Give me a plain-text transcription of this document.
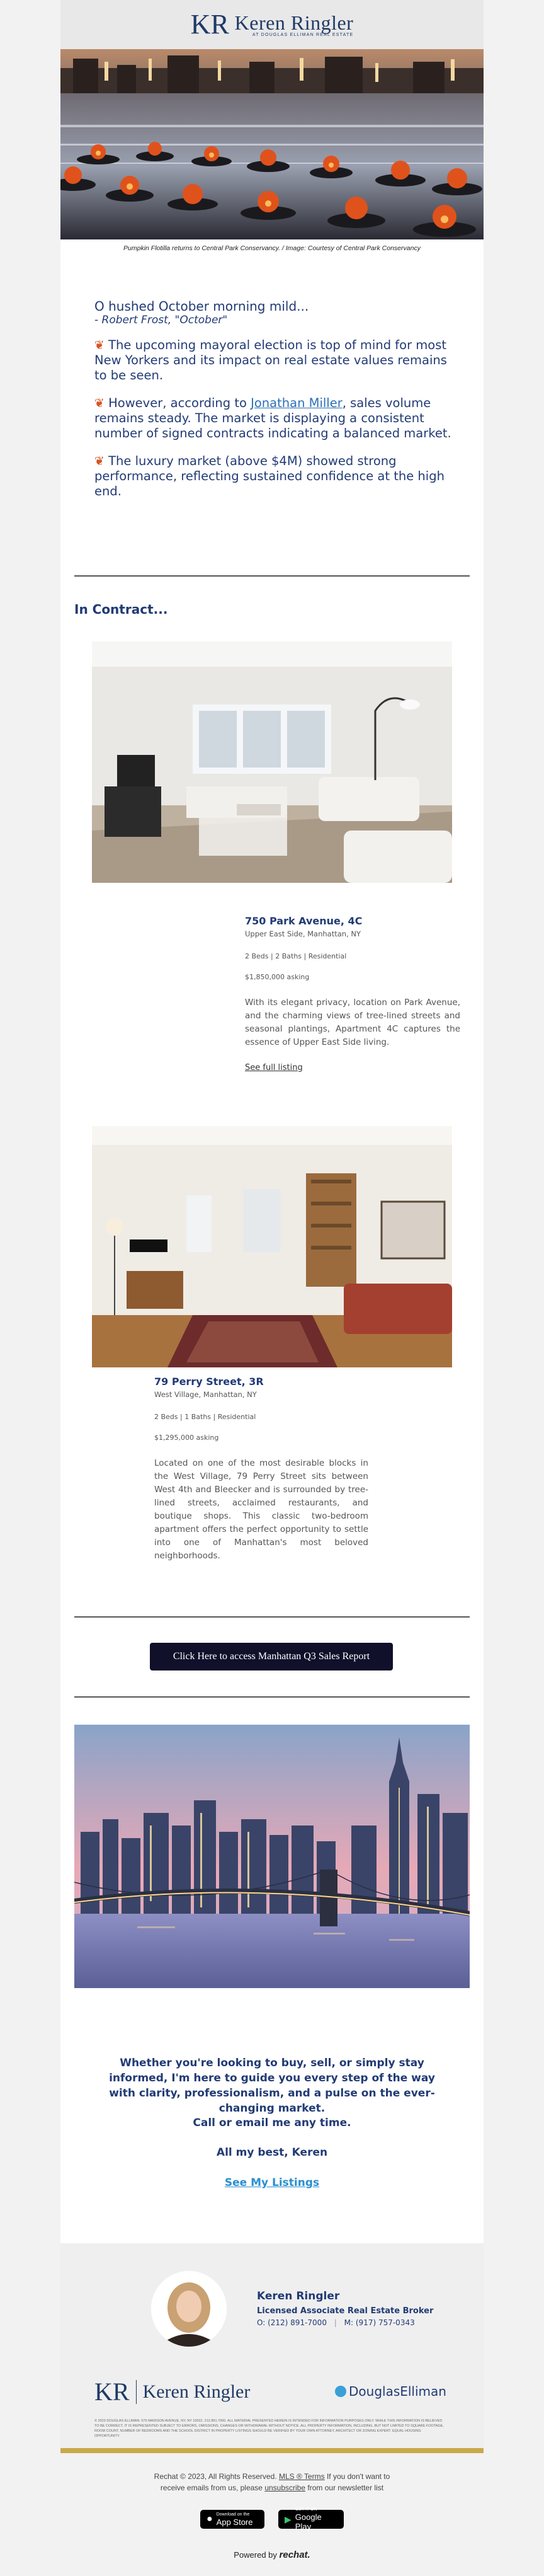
KR Keren Ringler
AT DOUGLAS ELLIMAN REAL ESTATE
Pumpkin Flotilla returns to Central Park Conservancy. / Image: Courtesy of Central Park Conservancy
O hushed October morning mild...
- Robert Frost, "October"
❦ The upcoming mayoral election is top of mind for most New Yorkers and its impact on real estate values remains to be seen.
❦ However, according to Jonathan Miller, sales volume remains steady. The market is displaying a consistent number of signed contracts indicating a balanced market.
❦ The luxury market (above $4M) showed strong performance, reflecting sustained confidence at the high end.
In Contract...
750 Park Avenue, 4C
Upper East Side, Manhattan, NY
2 Beds | 2 Baths | Residential
$1,850,000 asking
With its elegant privacy, location on Park Avenue, and the charming views of tree-lined streets and seasonal plantings, Apartment 4C captures the essence of Upper East Side living.
See full listing
79 Perry Street, 3R
West Village, Manhattan, NY
2 Beds | 1 Baths | Residential
$1,295,000 asking
Located on one of the most desirable blocks in the West Village, 79 Perry Street sits between West 4th and Bleecker and is surrounded by tree-lined streets, acclaimed restaurants, and boutique shops. This classic two-bedroom apartment offers the perfect opportunity to settle into one of Manhattan's most beloved neighborhoods.
Click Here to access Manhattan Q3 Sales Report
Whether you're looking to buy, sell, or simply stay informed, I'm here to guide you every step of the way with clarity, professionalism, and a pulse on the ever-changing market.
Call or email me any time.
All my best, Keren
See My Listings
Keren Ringler
Licensed Associate Real Estate Broker
O: (212) 891-7000 | M: (917) 757-0343
KR Keren Ringler	DouglasElliman
© 2023 DOUGLAS ELLIMAN. 575 MADISON AVENUE, NY, NY 10022. 212.891.7000. ALL MATERIAL PRESENTED HEREIN IS INTENDED FOR INFORMATION PURPOSES ONLY. WHILE THIS INFORMATION IS BELIEVED TO BE CORRECT, IT IS REPRESENTED SUBJECT TO ERRORS, OMISSIONS, CHANGES OR WITHDRAWAL WITHOUT NOTICE. ALL PROPERTY INFORMATION, INCLUDING, BUT NOT LIMITED TO SQUARE FOOTAGE, ROOM COUNT, NUMBER OF BEDROOMS AND THE SCHOOL DISTRICT IN PROPERTY LISTINGS SHOULD BE VERIFIED BY YOUR OWN ATTORNEY, ARCHITECT OR ZONING EXPERT. EQUAL HOUSING OPPORTUNITY.
Rechat © 2023, All Rights Reserved. MLS ® Terms If you don't want to receive emails from us, please unsubscribe from our newsletter list
● Download on the
App Store	▶
GET IT ON
Google Play
Powered by rechat.
